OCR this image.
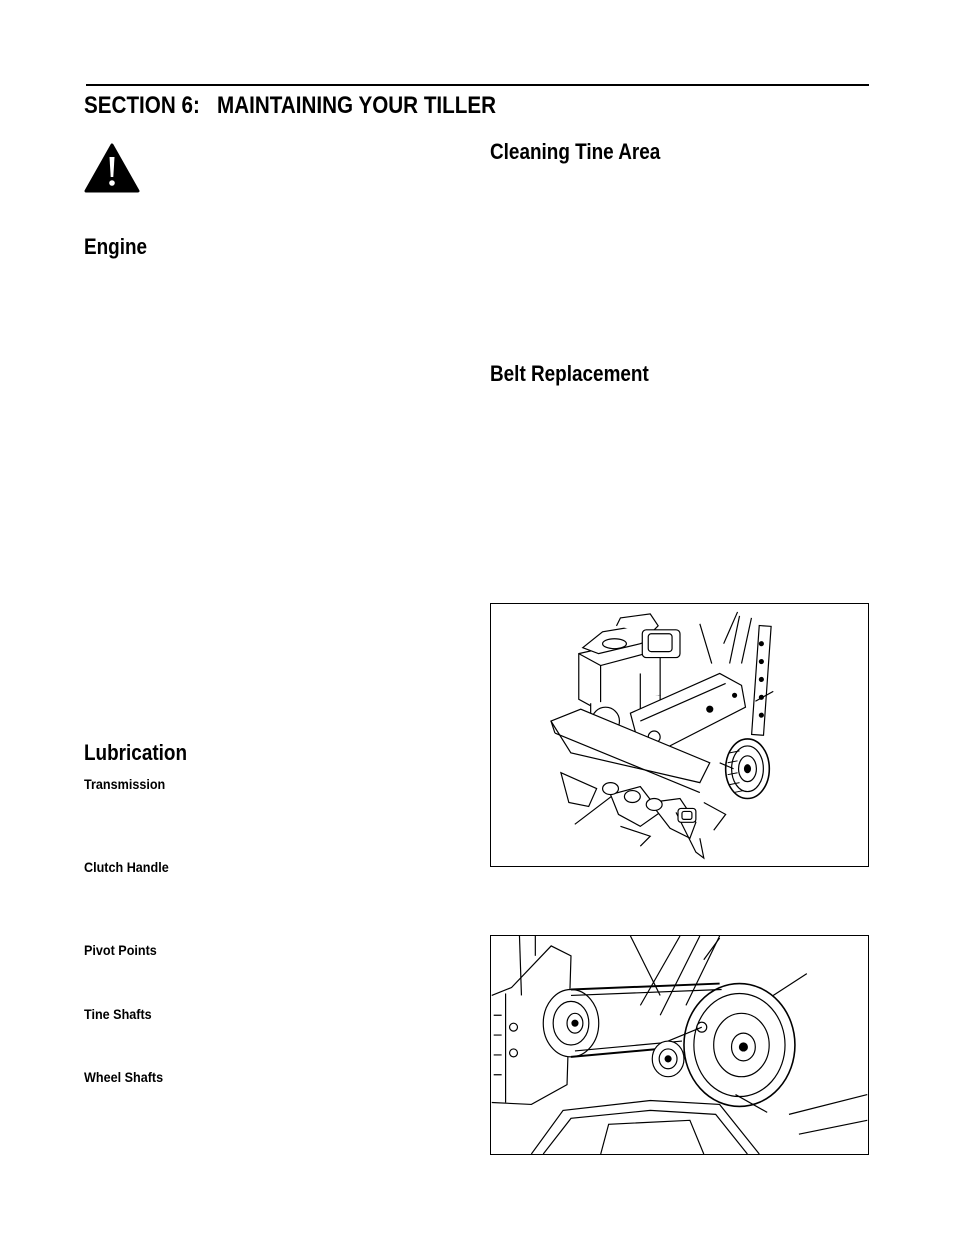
SECTION 6:   MAINTAINING YOUR TILLER
Engine
Lubrication
Transmission
Clutch Handle
Pivot Points
Tine Shafts
Wheel Shafts
Cleaning Tine Area
Belt Replacement
